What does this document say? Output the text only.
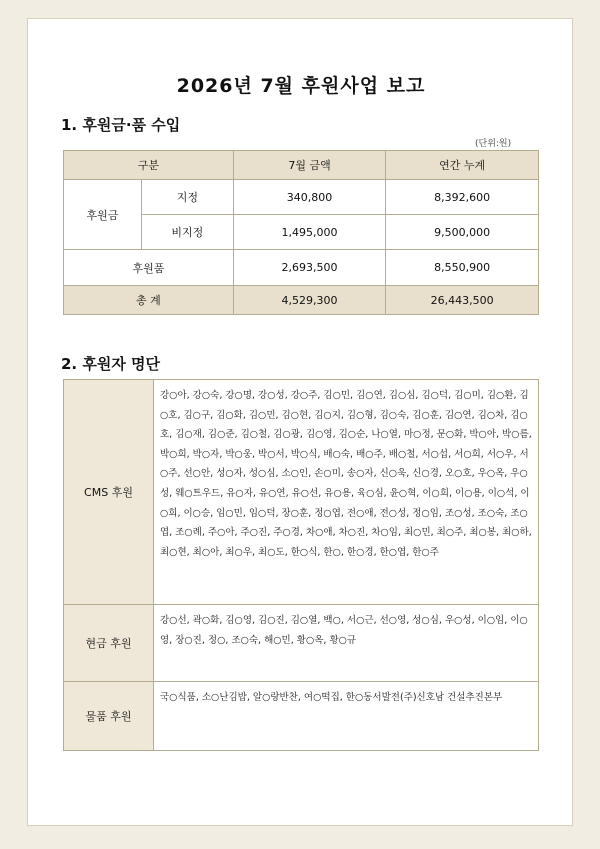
2026년 7월 후원사업 보고
1. 후원금·품 수입
(단위:원)
구분		7월 금액	연간 누계
후원금	지정	340,800	8,392,600
	비지정	1,495,000	9,500,000
후원품		2,693,500	8,550,900
총 계		4,529,300	26,443,500
2. 후원자 명단
CMS 후원	강○아, 강○숙, 강○명, 강○성, 강○주, 김○민, 김○연, 김○심, 김○덕, 김○미, 김○환, 김○호, 김○구, 김○화, 김○민, 김○현, 김○지, 김○형, 김○숙, 김○훈, 김○연, 김○차, 김○호, 김○재, 김○준, 김○철, 김○광, 김○영, 김○순, 나○열, 마○정, 문○화, 박○아, 박○름, 박○희, 박○자, 박○웅, 박○서, 박○식, 배○숙, 배○주, 배○철, 서○섭, 서○희, 서○우, 서○주, 선○안, 성○자, 성○심, 소○인, 손○미, 송○자, 신○욱, 신○경, 오○호, 우○옥, 우○성, 웨○트우드, 유○자, 유○연, 유○선, 유○용, 육○심, 윤○혁, 이○희, 이○용, 이○석, 이○희, 이○승, 임○민, 임○덕, 장○훈, 정○엽, 전○애, 전○성, 정○임, 조○성, 조○숙, 조○엽, 조○례, 주○아, 주○진, 주○경, 차○애, 차○진, 차○임, 최○민, 최○주, 최○봉, 최○하, 최○현, 최○아, 최○우, 최○도, 한○식, 한○, 한○경, 한○엽, 한○주
현금 후원	강○선, 곽○화, 김○영, 김○진, 김○열, 백○, 서○근, 선○영, 성○심, 우○성, 이○임, 이○영, 장○진, 정○, 조○숙, 해○민, 황○옥, 황○규
물품 후원	국○식품, 소○난김밥, 알○랑반찬, 여○떡집, 한○동서발전(주)신호남 건설추진본부
